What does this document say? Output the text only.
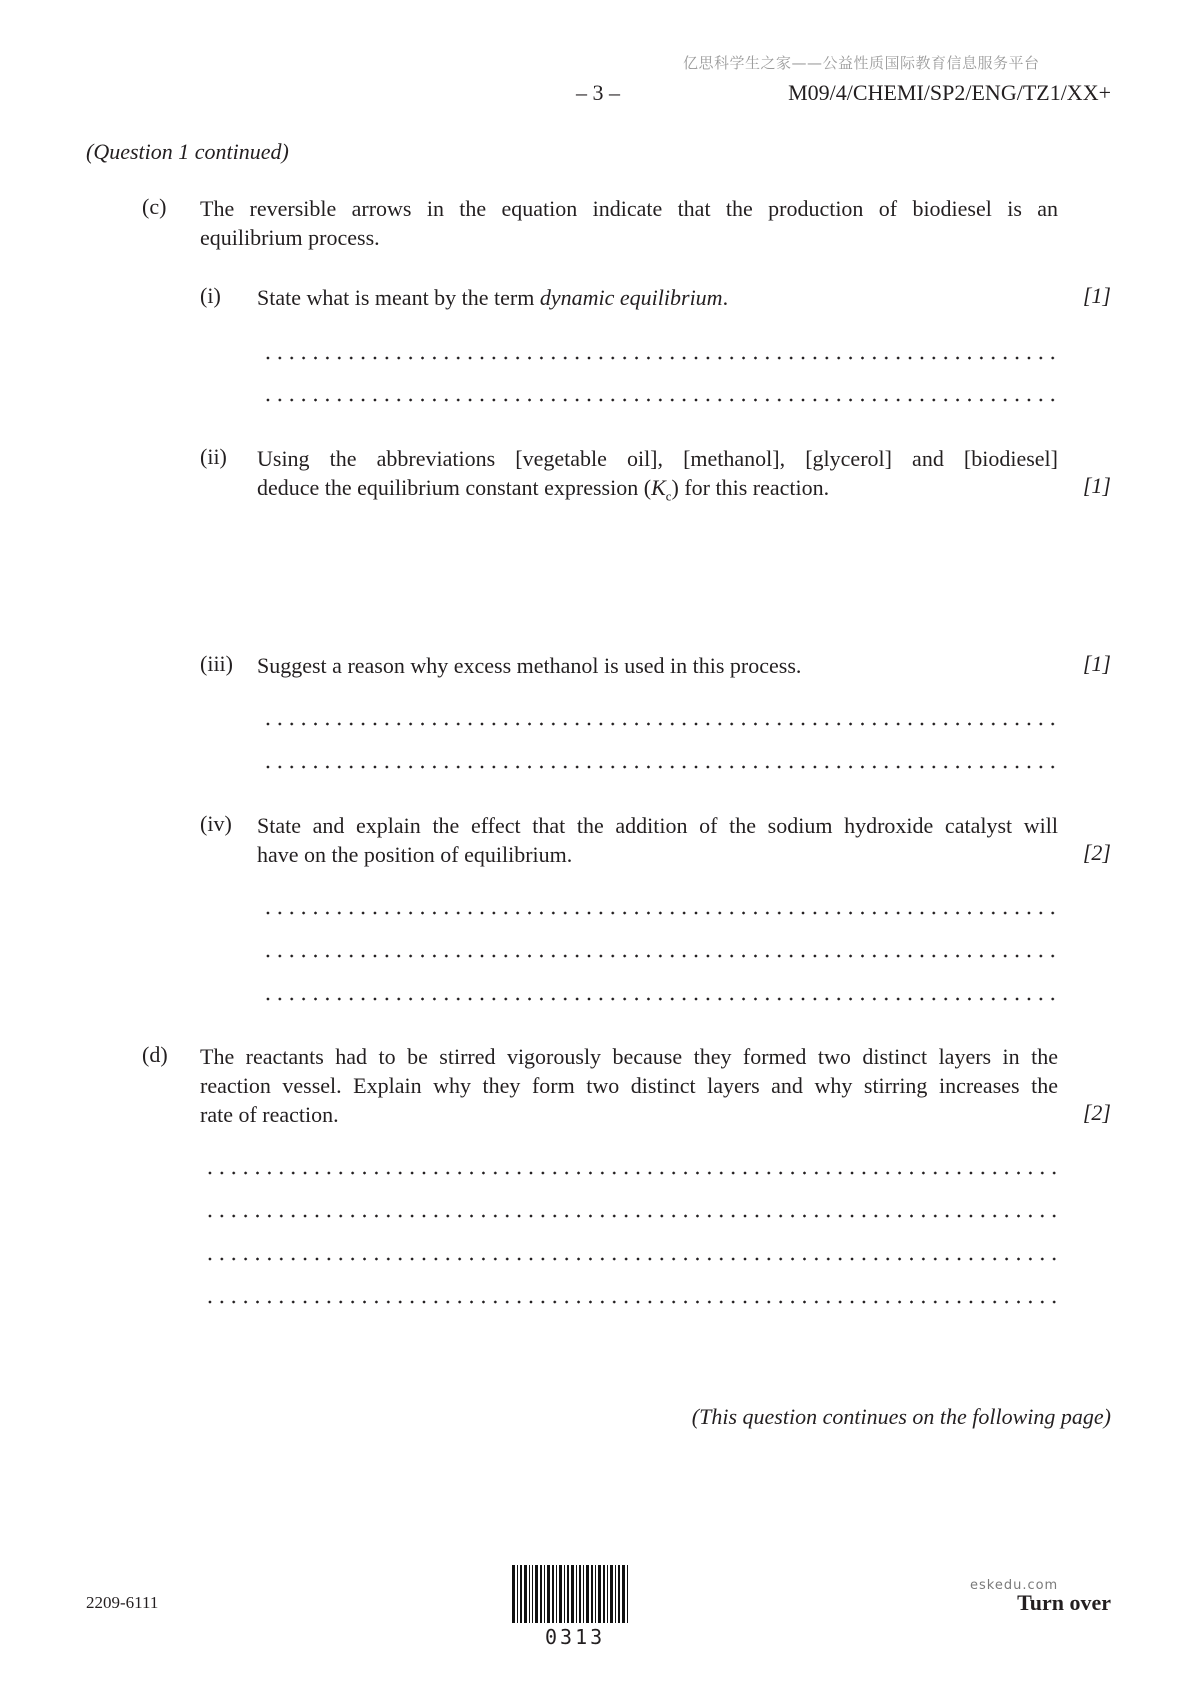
亿思科学生之家——公益性质国际教育信息服务平台
– 3 –	M09/4/CHEMI/SP2/ENG/TZ1/XX+
(Question 1 continued)
(c) The reversible arrows in the equation indicate that the production of biodiesel is an
equilibrium process.
(i) State what is meant by the term dynamic equilibrium.	[1]
(ii) Using the abbreviations [vegetable oil], [methanol], [glycerol] and [biodiesel]
deduce the equilibrium constant expression $(K_c)$ for this reaction.	[1]
(iii) Suggest a reason why excess methanol is used in this process.	[1]
(iv) State and explain the effect that the addition of the sodium hydroxide catalyst will
have on the position of equilibrium.	[2]
(d) The reactants had to be stirred vigorously because they formed two distinct layers in the
reaction vessel. Explain why they form two distinct layers and why stirring increases the
rate of reaction.	[2]
(This question continues on the following page)
2209-6111
0313
eskedu.com
Turn over
